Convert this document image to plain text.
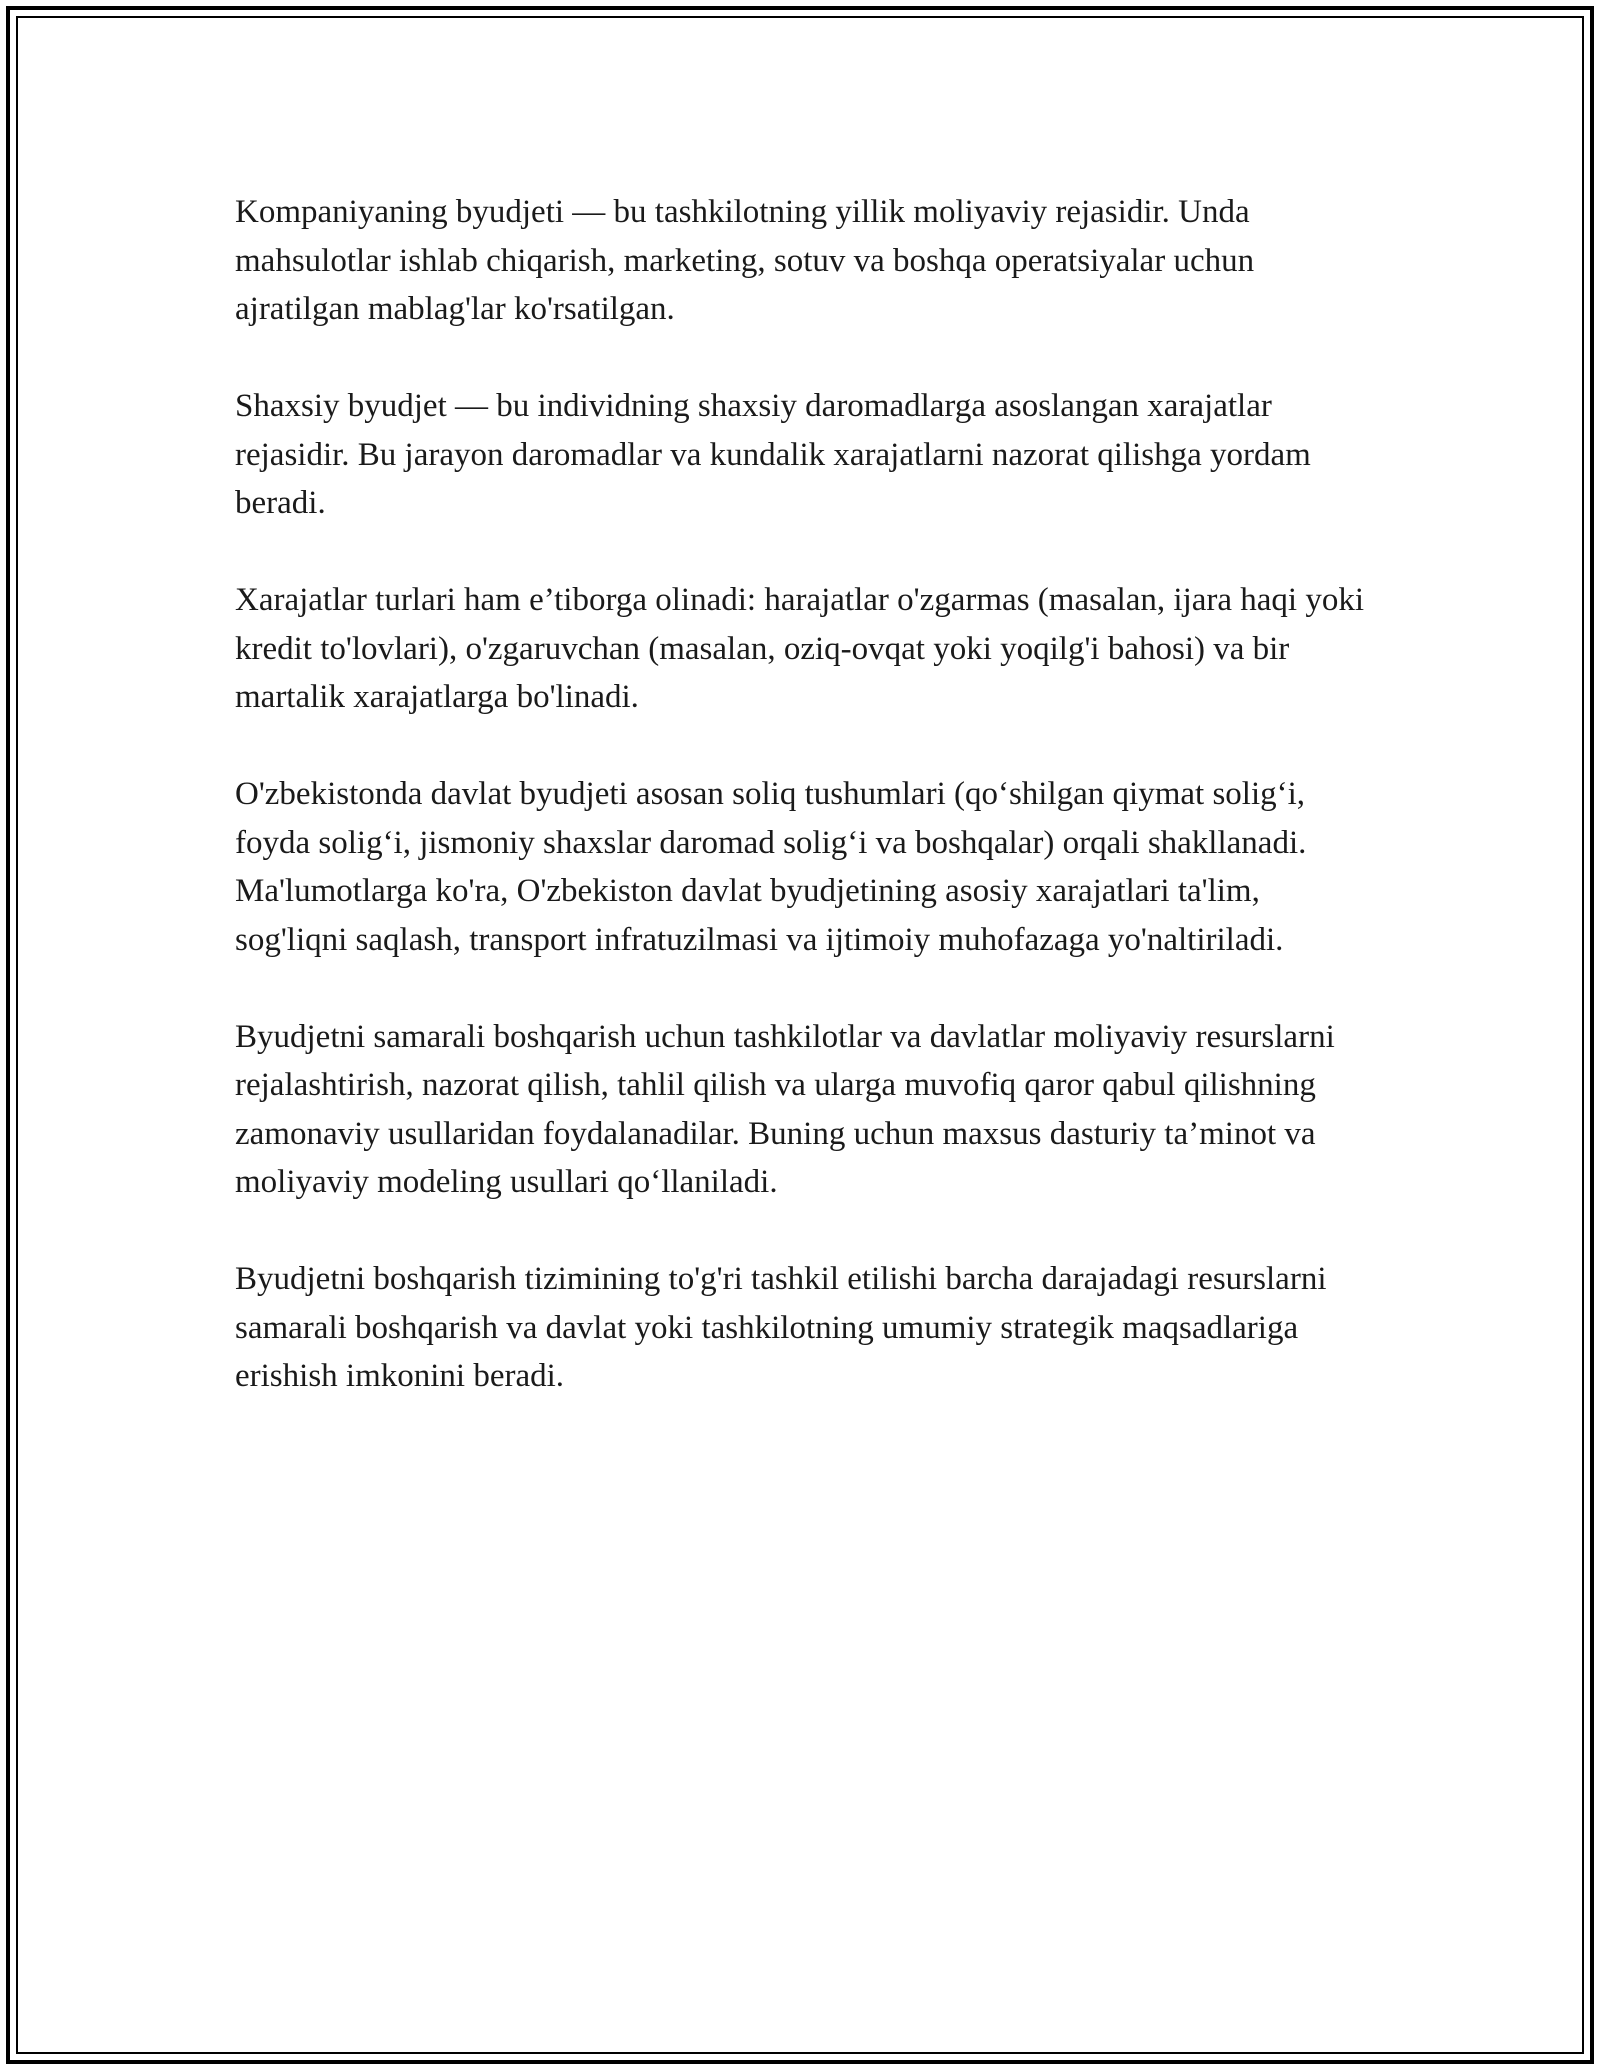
Kompaniyaning byudjeti — bu tashkilotning yillik moliyaviy rejasidir. Unda mahsulotlar ishlab chiqarish, marketing, sotuv va boshqa operatsiyalar uchun ajratilgan mablag'lar ko'rsatilgan.

Shaxsiy byudjet — bu individning shaxsiy daromadlarga asoslangan xarajatlar rejasidir. Bu jarayon daromadlar va kundalik xarajatlarni nazorat qilishga yordam beradi.

Xarajatlar turlari ham e’tiborga olinadi: harajatlar o'zgarmas (masalan, ijara haqi yoki kredit to'lovlari), o'zgaruvchan (masalan, oziq-ovqat yoki yoqilg'i bahosi) va bir martalik xarajatlarga bo'linadi.

O'zbekistonda davlat byudjeti asosan soliq tushumlari (qo‘shilgan qiymat solig‘i, foyda solig‘i, jismoniy shaxslar daromad solig‘i va boshqalar) orqali shakllanadi. Ma'lumotlarga ko'ra, O'zbekiston davlat byudjetining asosiy xarajatlari ta'lim, sog'liqni saqlash, transport infratuzilmasi va ijtimoiy muhofazaga yo'naltiriladi.

Byudjetni samarali boshqarish uchun tashkilotlar va davlatlar moliyaviy resurslarni rejalashtirish, nazorat qilish, tahlil qilish va ularga muvofiq qaror qabul qilishning zamonaviy usullaridan foydalanadilar. Buning uchun maxsus dasturiy ta’minot va moliyaviy modeling usullari qo‘llaniladi.

Byudjetni boshqarish tizimining to'g'ri tashkil etilishi barcha darajadagi resurslarni samarali boshqarish va davlat yoki tashkilotning umumiy strategik maqsadlariga erishish imkonini beradi.
